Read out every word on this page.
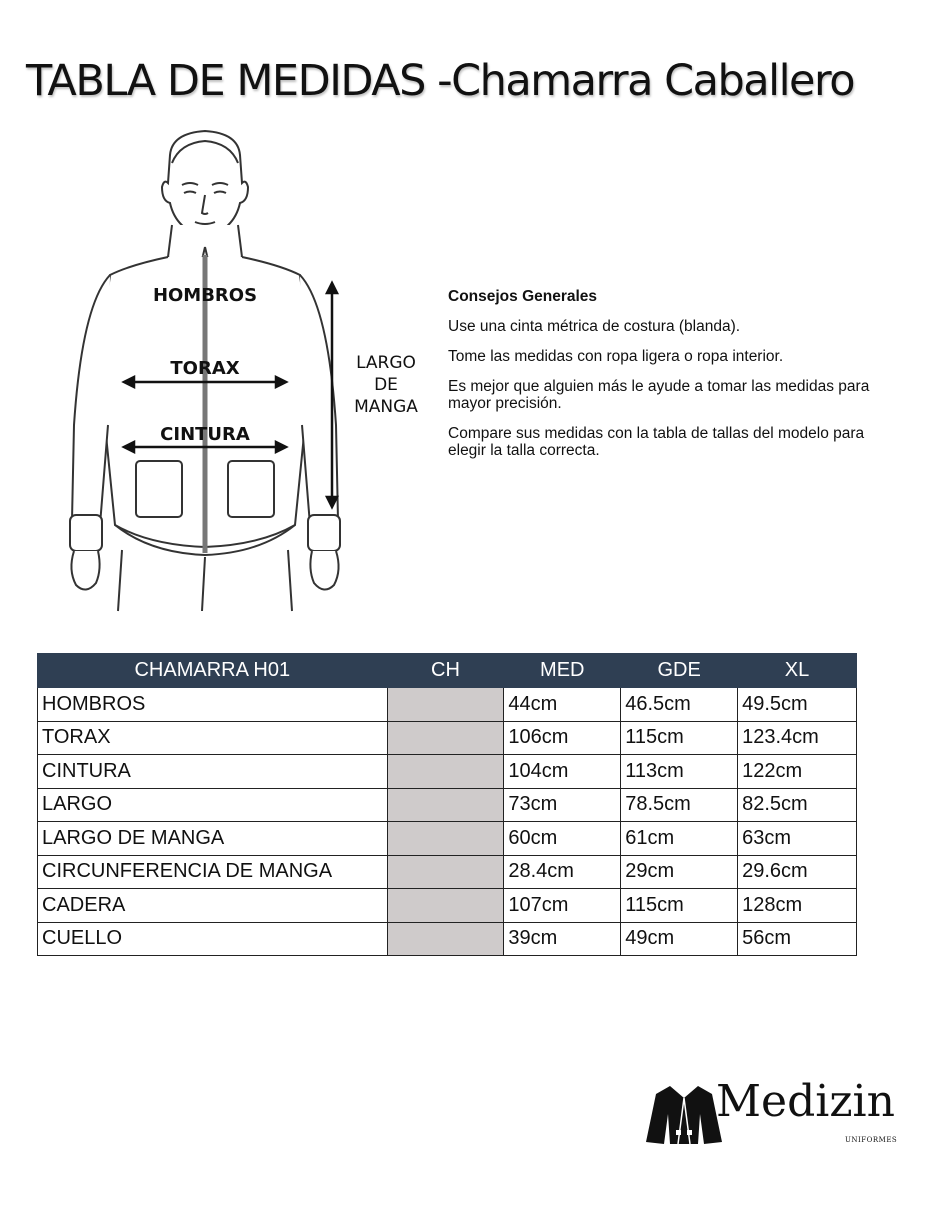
TABLA DE MEDIDAS -Chamarra Caballero
HOMBROS
TORAX
CINTURA
LARGO
DE
MANGA
Consejos Generales
Use una cinta métrica de costura (blanda).
Tome las medidas con ropa ligera o ropa interior.
Es mejor que alguien más le ayude a tomar las medidas para mayor precisión.
Compare sus medidas con la tabla de tallas del modelo para elegir la talla correcta.
CHAMARRA H01	CH	MED	GDE	XL
HOMBROS		44cm	46.5cm	49.5cm
TORAX		106cm	115cm	123.4cm
CINTURA		104cm	113cm	122cm
LARGO		73cm	78.5cm	82.5cm
LARGO DE MANGA		60cm	61cm	63cm
CIRCUNFERENCIA DE MANGA		28.4cm	29cm	29.6cm
CADERA		107cm	115cm	128cm
CUELLO		39cm	49cm	56cm
Medizin
UNIFORMES
